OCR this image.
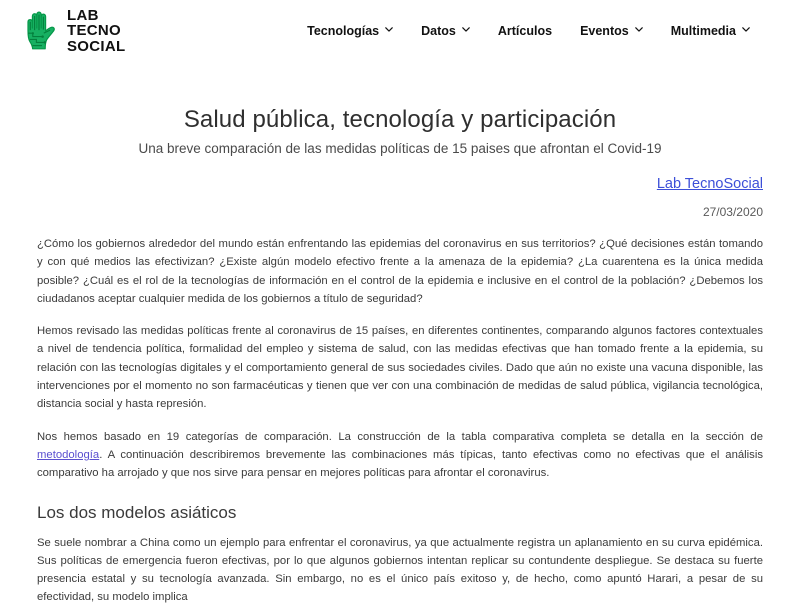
LAB
TECNO
SOCIAL
Tecnologías	Datos	Artículos Eventos	Multimedia
Salud pública, tecnología y participación

Una breve comparación de las medidas políticas de 15 paises que afrontan el Covid-19

Lab TecnoSocial
27/03/2020

¿Cómo los gobiernos alrededor del mundo están enfrentando las epidemias del coronavirus en sus territorios? ¿Qué decisiones están tomando y con qué medios las efectivizan? ¿Existe algún modelo efectivo frente a la amenaza de la epidemia? ¿La cuarentena es la única medida posible? ¿Cuál es el rol de la tecnologías de información en el control de la epidemia e inclusive en el control de la población? ¿Debemos los ciudadanos aceptar cualquier medida de los gobiernos a título de seguridad?

Hemos revisado las medidas políticas frente al coronavirus de 15 países, en diferentes continentes, comparando algunos factores contextuales a nivel de tendencia política, formalidad del empleo y sistema de salud, con las medidas efectivas que han tomado frente a la epidemia, su relación con las tecnologías digitales y el comportamiento general de sus sociedades civiles. Dado que aún no existe una vacuna disponible, las intervenciones por el momento no son farmacéuticas y tienen que ver con una combinación de medidas de salud pública, vigilancia tecnológica, distancia social y hasta represión.

Nos hemos basado en 19 categorías de comparación. La construcción de la tabla comparativa completa se detalla en la sección de metodología. A continuación describiremos brevemente las combinaciones más típicas, tanto efectivas como no efectivas que el análisis comparativo ha arrojado y que nos sirve para pensar en mejores políticas para afrontar el coronavirus.

Los dos modelos asiáticos

Se suele nombrar a China como un ejemplo para enfrentar el coronavirus, ya que actualmente registra un aplanamiento en su curva epidémica. Sus políticas de emergencia fueron efectivas, por lo que algunos gobiernos intentan replicar su contundente despliegue. Se destaca su fuerte presencia estatal y su tecnología avanzada. Sin embargo, no es el único país exitoso y, de hecho, como apuntó Harari, a pesar de su efectividad, su modelo implica
